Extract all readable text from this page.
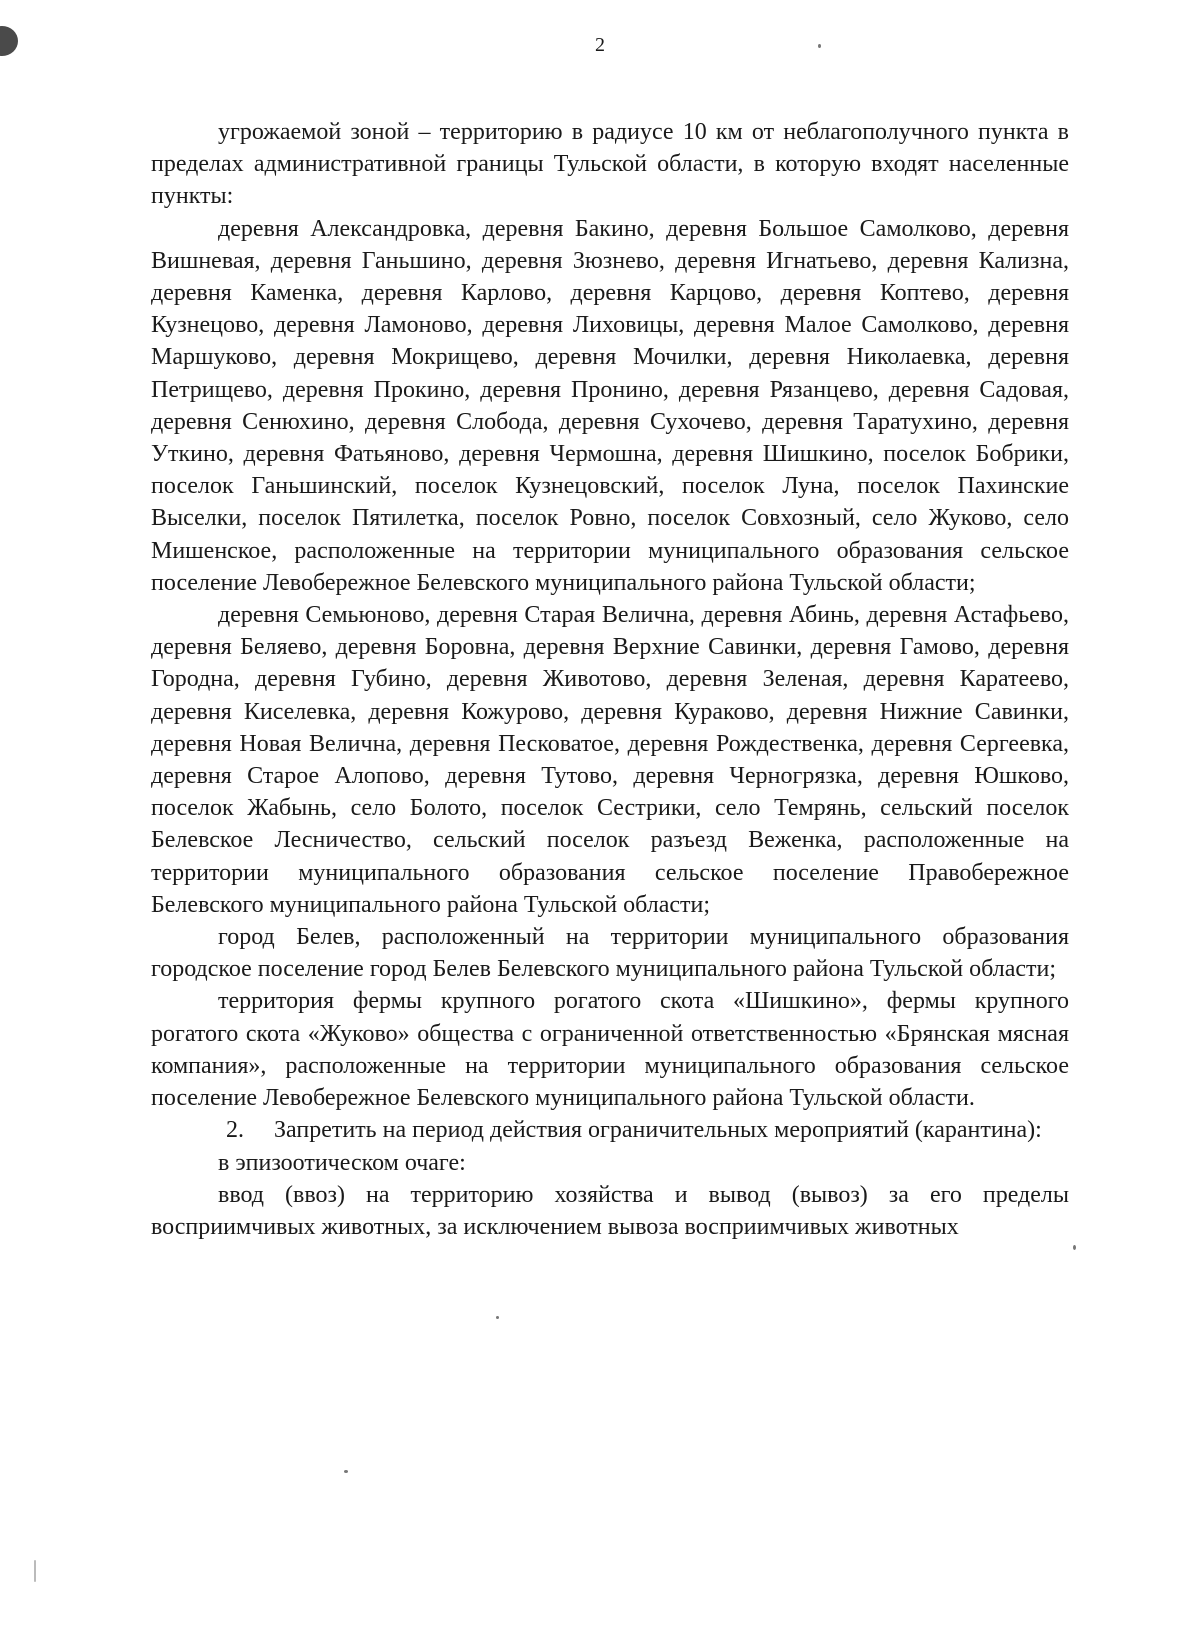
2

угрожаемой зоной – территорию в радиусе 10 км от неблагополучного пункта в пределах административной границы Тульской области, в которую входят населенные пункты:

деревня Александровка, деревня Бакино, деревня Большое Самолково, деревня Вишневая, деревня Ганьшино, деревня Зюзнево, деревня Игнатьево, деревня Кализна, деревня Каменка, деревня Карлово, деревня Карцово, деревня Коптево, деревня Кузнецово, деревня Ламоново, деревня Лиховицы, деревня Малое Самолково, деревня Маршуково, деревня Мокрищево, деревня Мочилки, деревня Николаевка, деревня Петрищево, деревня Прокино, деревня Пронино, деревня Рязанцево, деревня Садовая, деревня Сенюхино, деревня Слобода, деревня Сухочево, деревня Таратухино, деревня Уткино, деревня Фатьяново, деревня Чермошна, деревня Шишкино, поселок Бобрики, поселок Ганьшинский, поселок Кузнецовский, поселок Луна, поселок Пахинские Выселки, поселок Пятилетка, поселок Ровно, поселок Совхозный, село Жуково, село Мишенское, расположенные на территории муниципального образования сельское поселение Левобережное Белевского муниципального района Тульской области;

деревня Семьюново, деревня Старая Велична, деревня Абинь, деревня Астафьево, деревня Беляево, деревня Боровна, деревня Верхние Савинки, деревня Гамово, деревня Городна, деревня Губино, деревня Животово, деревня Зеленая, деревня Каратеево, деревня Киселевка, деревня Кожурово, деревня Кураково, деревня Нижние Савинки, деревня Новая Велична, деревня Песковатое, деревня Рождественка, деревня Сергеевка, деревня Старое Алопово, деревня Тутово, деревня Черногрязка, деревня Юшково, поселок Жабынь, село Болото, поселок Сестрики, село Темрянь, сельский поселок Белевское Лесничество, сельский поселок разъезд Веженка, расположенные на территории муниципального образования сельское поселение Правобережное Белевского муниципального района Тульской области;

город Белев, расположенный на территории муниципального образования городское поселение город Белев Белевского муниципального района Тульской области;

территория фермы крупного рогатого скота «Шишкино», фермы крупного рогатого скота «Жуково» общества с ограниченной ответственностью «Брянская мясная компания», расположенные на территории муниципального образования сельское поселение Левобережное Белевского муниципального района Тульской области.

2.     Запретить на период действия ограничительных мероприятий (карантина):

в эпизоотическом очаге:

ввод (ввоз) на территорию хозяйства и вывод (вывоз) за его пределы восприимчивых животных, за исключением вывоза восприимчивых животных
